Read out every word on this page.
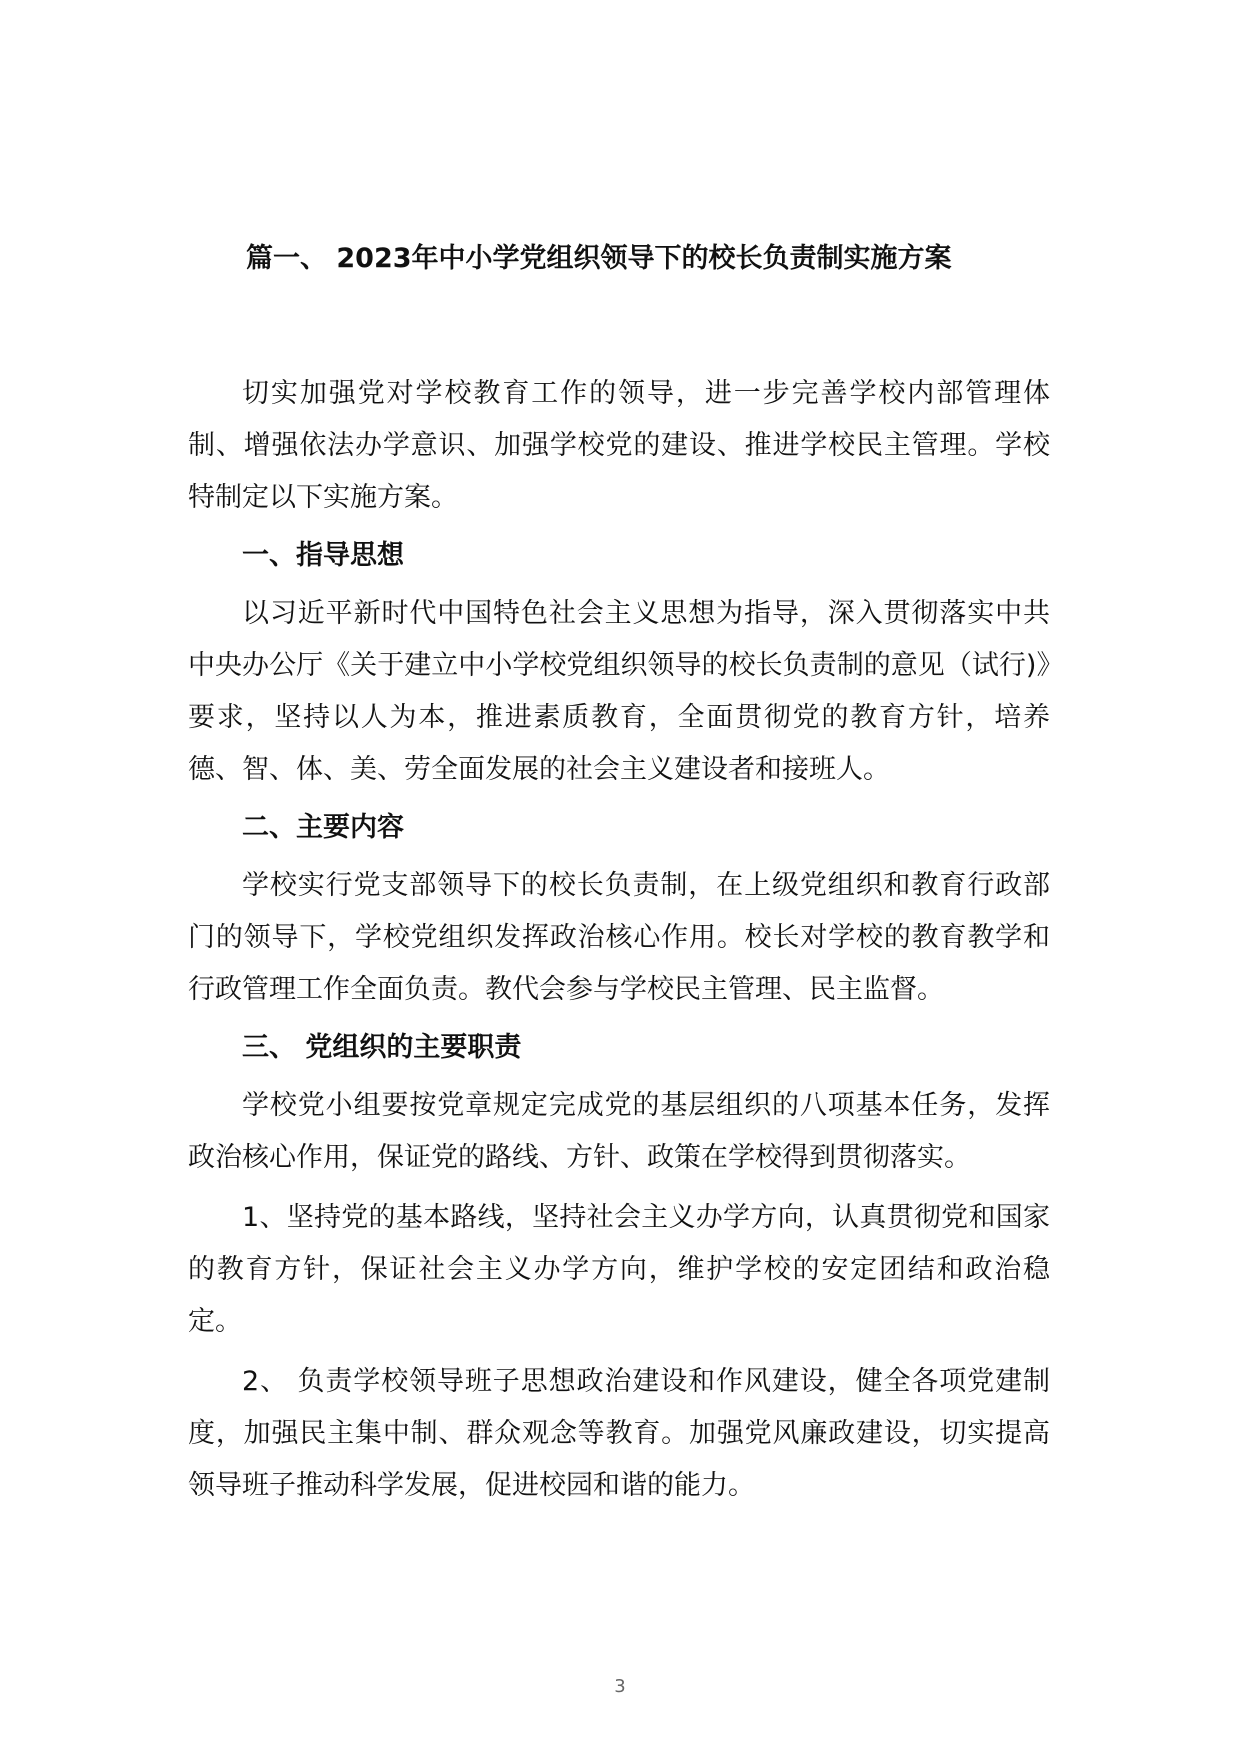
篇一、 2023年中小学党组织领导下的校长负责制实施方案

切实加强党对学校教育工作的领导，进一步完善学校内部管理体制、增强依法办学意识、加强学校党的建设、推进学校民主管理。学校特制定以下实施方案。

一、指导思想

以习近平新时代中国特色社会主义思想为指导，深入贯彻落实中共中央办公厅《关于建立中小学校党组织领导的校长负责制的意见（试行)》要求，坚持以人为本，推进素质教育，全面贯彻党的教育方针，培养德、智、体、美、劳全面发展的社会主义建设者和接班人。

二、主要内容

学校实行党支部领导下的校长负责制，在上级党组织和教育行政部门的领导下，学校党组织发挥政治核心作用。校长对学校的教育教学和行政管理工作全面负责。教代会参与学校民主管理、民主监督。

三、 党组织的主要职责

学校党小组要按党章规定完成党的基层组织的八项基本任务，发挥政治核心作用，保证党的路线、方针、政策在学校得到贯彻落实。

1、坚持党的基本路线，坚持社会主义办学方向，认真贯彻党和国家的教育方针，保证社会主义办学方向，维护学校的安定团结和政治稳定。

2、 负责学校领导班子思想政治建设和作风建设，健全各项党建制度，加强民主集中制、群众观念等教育。加强党风廉政建设，切实提高领导班子推动科学发展，促进校园和谐的能力。

3
